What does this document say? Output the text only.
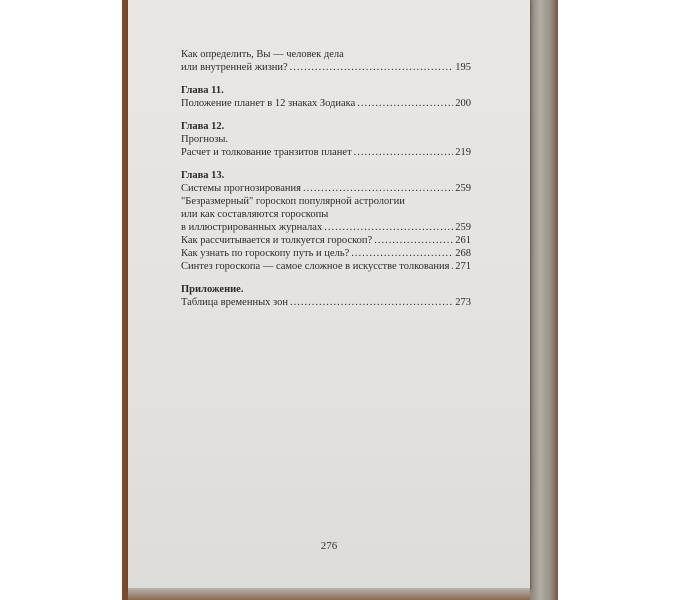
Как определить, Вы — человек дела

или внутренней жизни? .....	195

Глава 11.

Положение планет в 12 знаках Зодиака .....	200

Глава 12.

Прогнозы.

Расчет и толкование транзитов планет .....	219

Глава 13.

Системы прогнозирования .....	259

"Безразмерный" гороскоп популярной астрологии

или как составляются гороскопы

в иллюстрированных журналах .....	259
Как рассчитывается и толкуется гороскоп? .....	261
Как узнать по гороскопу путь и цель? .....	268
Синтез гороскопа — самое сложное в искусстве толкования ..... 271

Приложение.

Таблица временных зон .....	273
276
